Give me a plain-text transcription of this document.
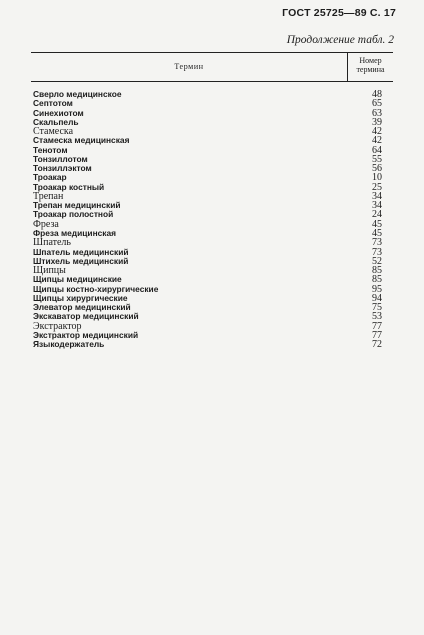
ГОСТ 25725—89 С. 17
Продолжение табл. 2
Термин
Номер
термина
Сверло медицинское	48
Септотом	65
Синехиотом	63
Скальпель	39
Стамеска	42
Стамеска медицинская	42
Тенотом	64
Тонзиллотом	55
Тонзиллэктом	56
Троакар	10
Троакар костный	25
Трепан	34
Трепан медицинский	34
Троакар полостной	24
Фреза	45
Фреза медицинская	45
Шпатель	73
Шпатель медицинский	73
Штихель медицинский	52
Щипцы	85
Щипцы медицинские	85
Щипцы костно-хирургические	95
Щипцы хирургические	94
Элеватор медицинский	75
Экскаватор медицинский	53
Экстрактор	77
Экстрактор медицинский	77
Языкодержатель	72
